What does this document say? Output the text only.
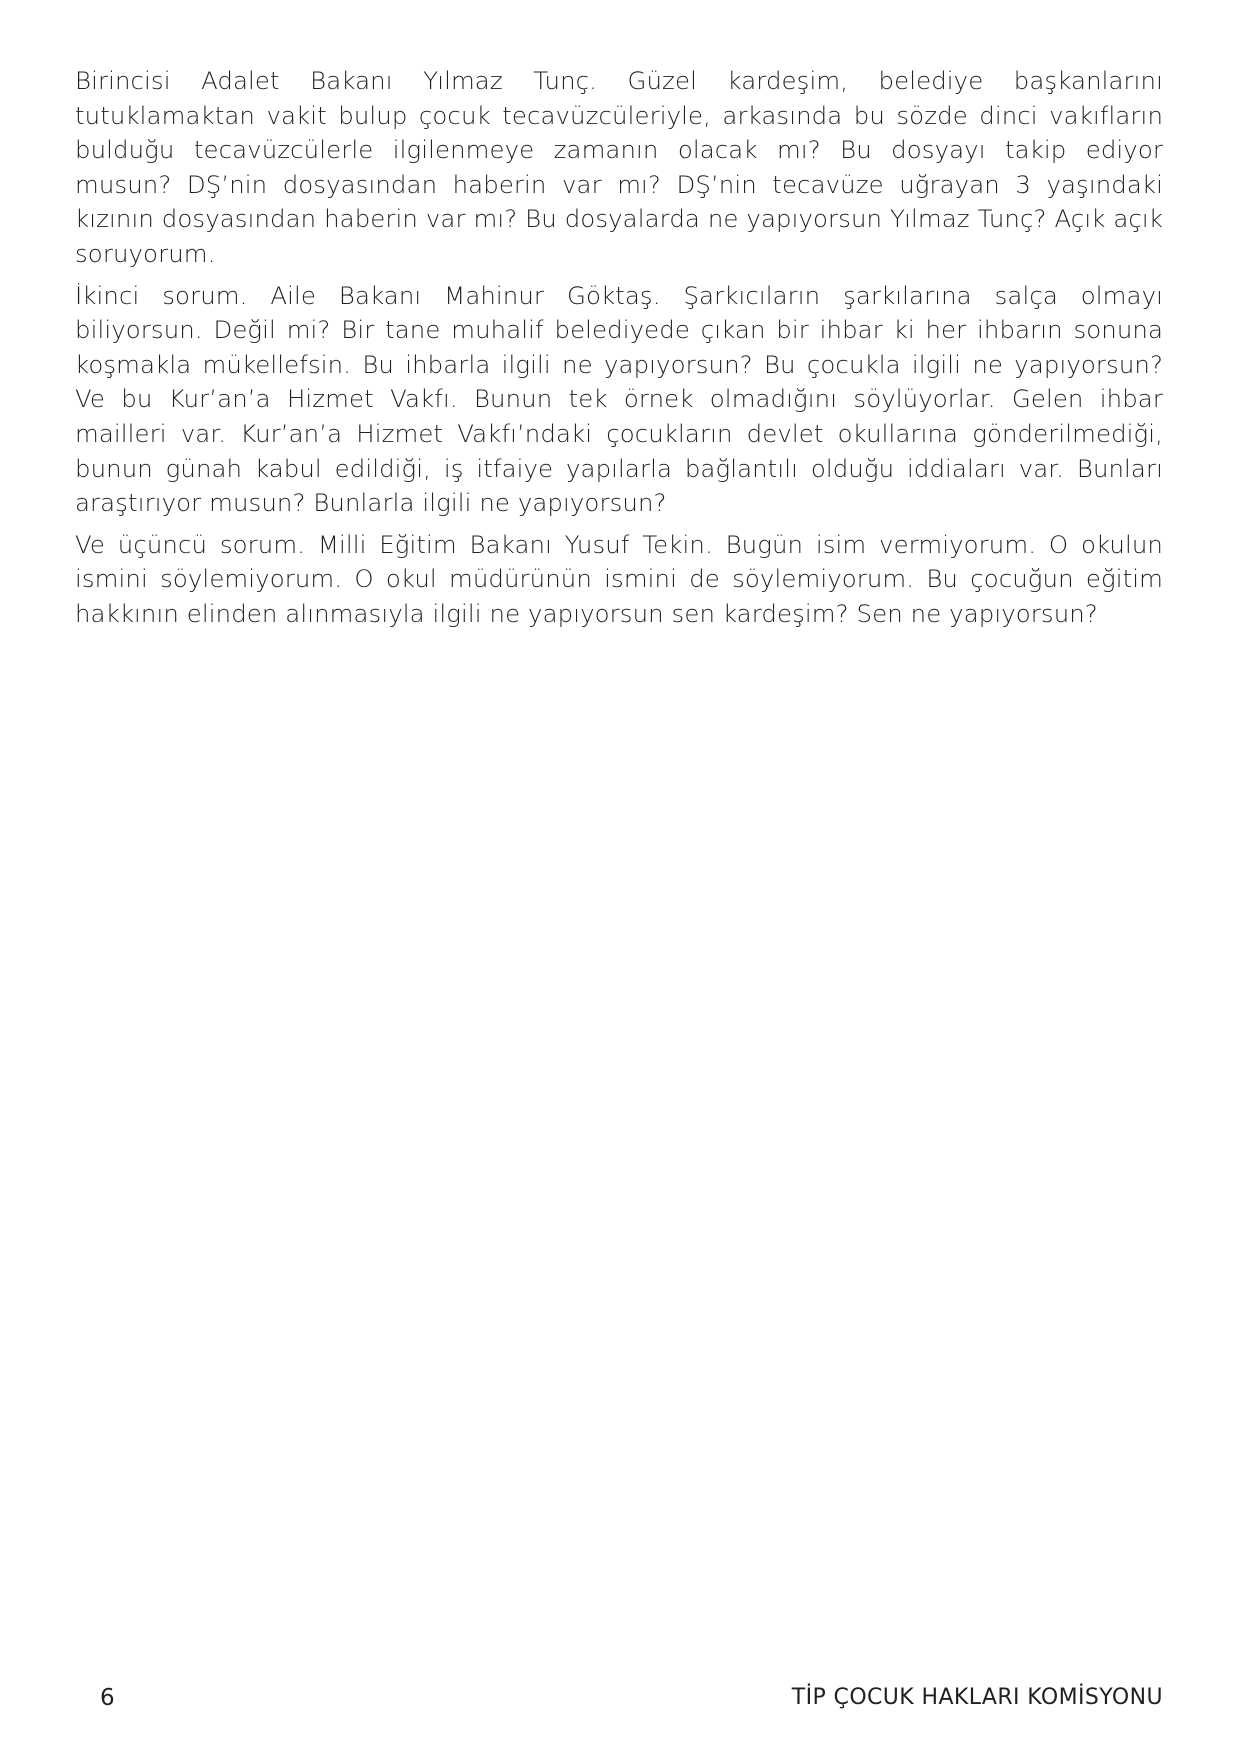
Birincisi Adalet Bakanı Yılmaz Tunç. Güzel kardeşim, belediye başkanlarını tutuklamaktan vakit bulup çocuk tecavüzcüleriyle, arkasında bu sözde dinci vakıfların bulduğu tecavüzcülerle ilgilenmeye zamanın olacak mı? Bu dosyayı takip ediyor musun? DŞ’nin dosyasından haberin var mı? DŞ’nin tecavüze uğrayan 3 yaşındaki kızının dosyasından haberin var mı? Bu dosyalarda ne yapıyorsun Yılmaz Tunç? Açık açık soruyorum.

İkinci sorum. Aile Bakanı Mahinur Göktaş. Şarkıcıların şarkılarına salça olmayı biliyorsun. Değil mi? Bir tane muhalif belediyede çıkan bir ihbar ki her ihbarın sonuna koşmakla mükellefsin. Bu ihbarla ilgili ne yapıyorsun? Bu çocukla ilgili ne yapıyorsun? Ve bu Kur’an’a Hizmet Vakfı. Bunun tek örnek olmadığını söylüyorlar. Gelen ihbar mailleri var. Kur’an’a Hizmet Vakfı’ndaki çocukların devlet okullarına gönderilmediği, bunun günah kabul edildiği, iş itfaiye yapılarla bağlantılı olduğu iddiaları var. Bunları araştırıyor musun? Bunlarla ilgili ne yapıyorsun?

Ve üçüncü sorum. Milli Eğitim Bakanı Yusuf Tekin. Bugün isim vermiyorum. O okulun ismini söylemiyorum. O okul müdürünün ismini de söylemiyorum. Bu çocuğun eğitim hakkının elinden alınmasıyla ilgili ne yapıyorsun sen kardeşim? Sen ne yapıyorsun?

6	TİP ÇOCUK HAKLARI KOMİSYONU
